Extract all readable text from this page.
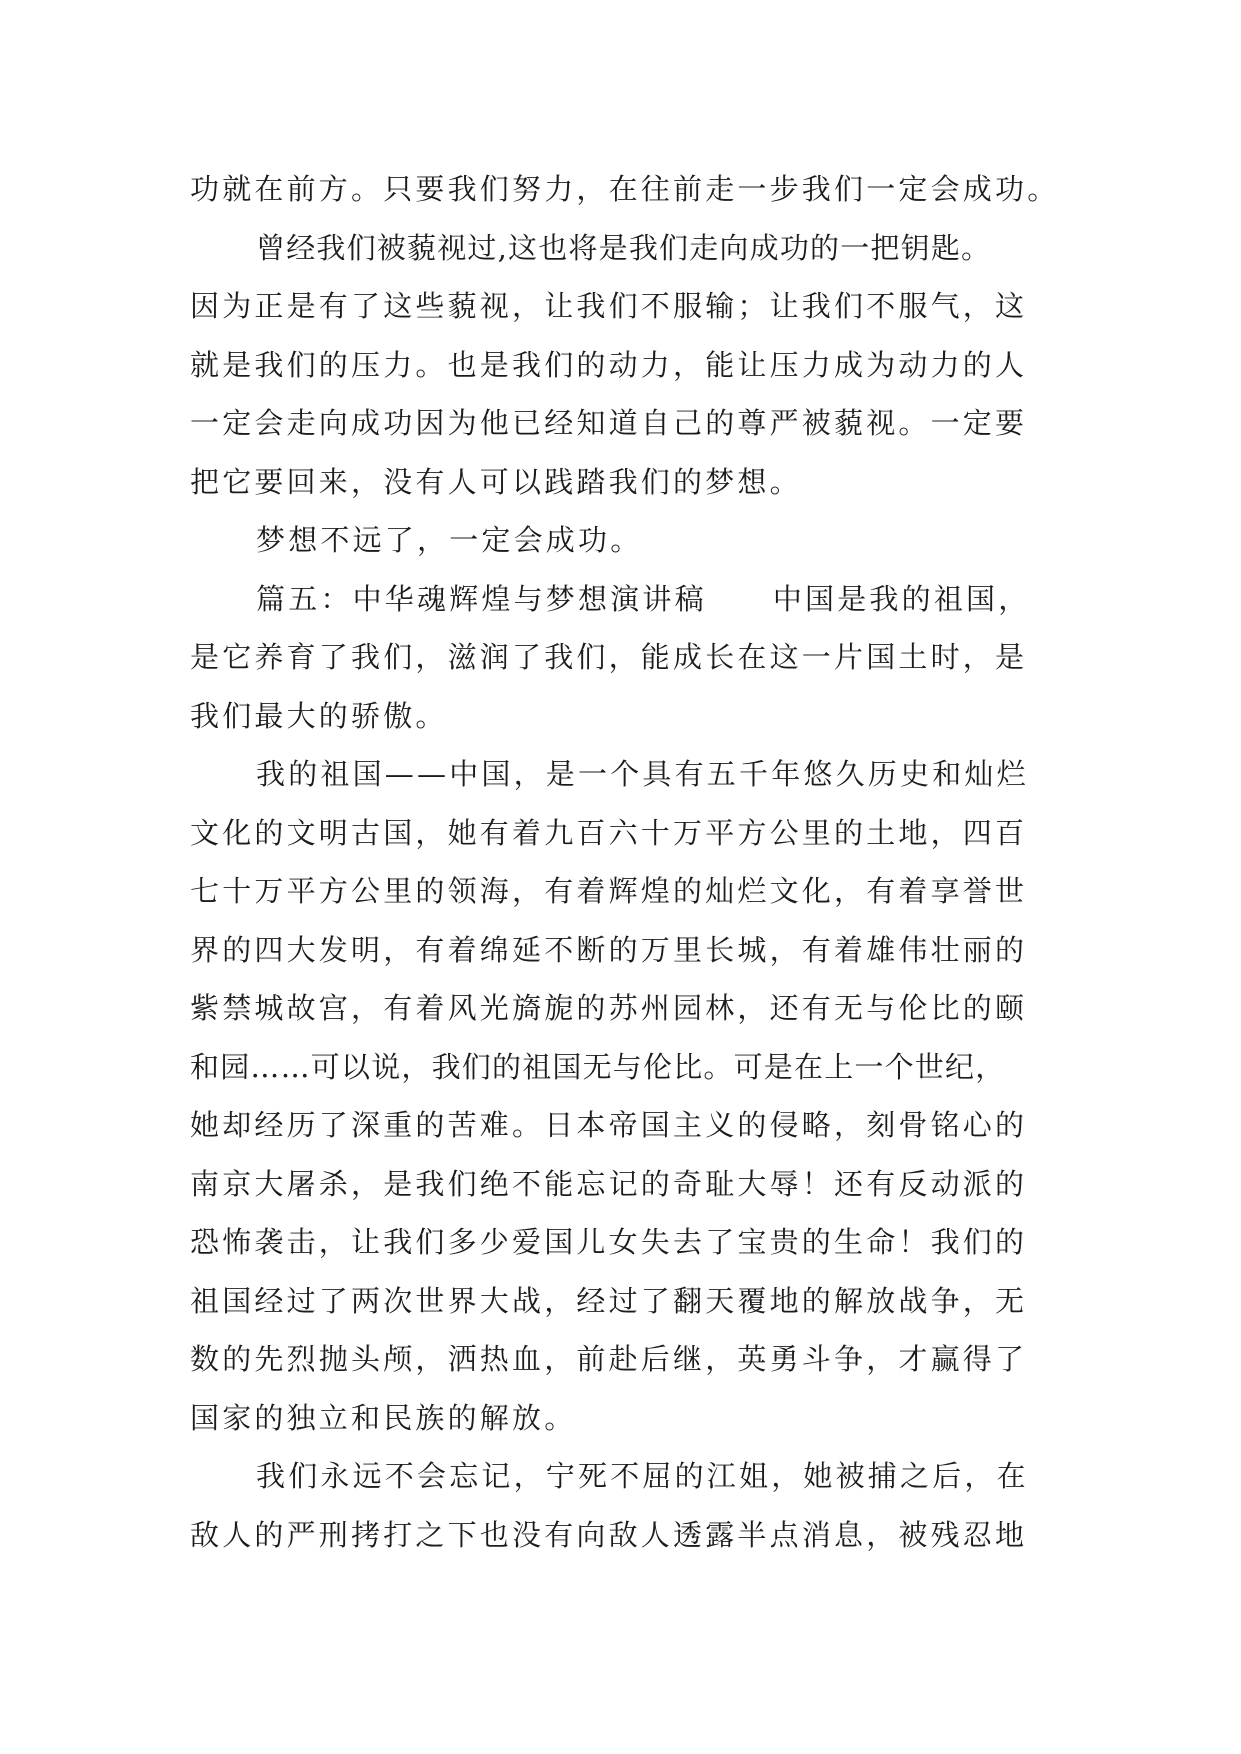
功就在前方。只要我们努力，在往前走一步我们一定会成功。
曾经我们被藐视过,这也将是我们走向成功的一把钥匙。
因为正是有了这些藐视，让我们不服输；让我们不服气，这
就是我们的压力。也是我们的动力，能让压力成为动力的人
一定会走向成功因为他已经知道自己的尊严被藐视。一定要
把它要回来，没有人可以践踏我们的梦想。
梦想不远了，一定会成功。
篇五：中华魂辉煌与梦想演讲稿 中国是我的祖国，
是它养育了我们，滋润了我们，能成长在这一片国土时，是
我们最大的骄傲。
我的祖国——中国，是一个具有五千年悠久历史和灿烂
文化的文明古国，她有着九百六十万平方公里的土地，四百
七十万平方公里的领海，有着辉煌的灿烂文化，有着享誉世
界的四大发明，有着绵延不断的万里长城，有着雄伟壮丽的
紫禁城故宫，有着风光旖旎的苏州园林，还有无与伦比的颐
和园……可以说，我们的祖国无与伦比。可是在上一个世纪，
她却经历了深重的苦难。日本帝国主义的侵略，刻骨铭心的
南京大屠杀，是我们绝不能忘记的奇耻大辱！还有反动派的
恐怖袭击，让我们多少爱国儿女失去了宝贵的生命！我们的
祖国经过了两次世界大战，经过了翻天覆地的解放战争，无
数的先烈抛头颅，洒热血，前赴后继，英勇斗争，才赢得了
国家的独立和民族的解放。
我们永远不会忘记，宁死不屈的江姐，她被捕之后，在
敌人的严刑拷打之下也没有向敌人透露半点消息，被残忍地
